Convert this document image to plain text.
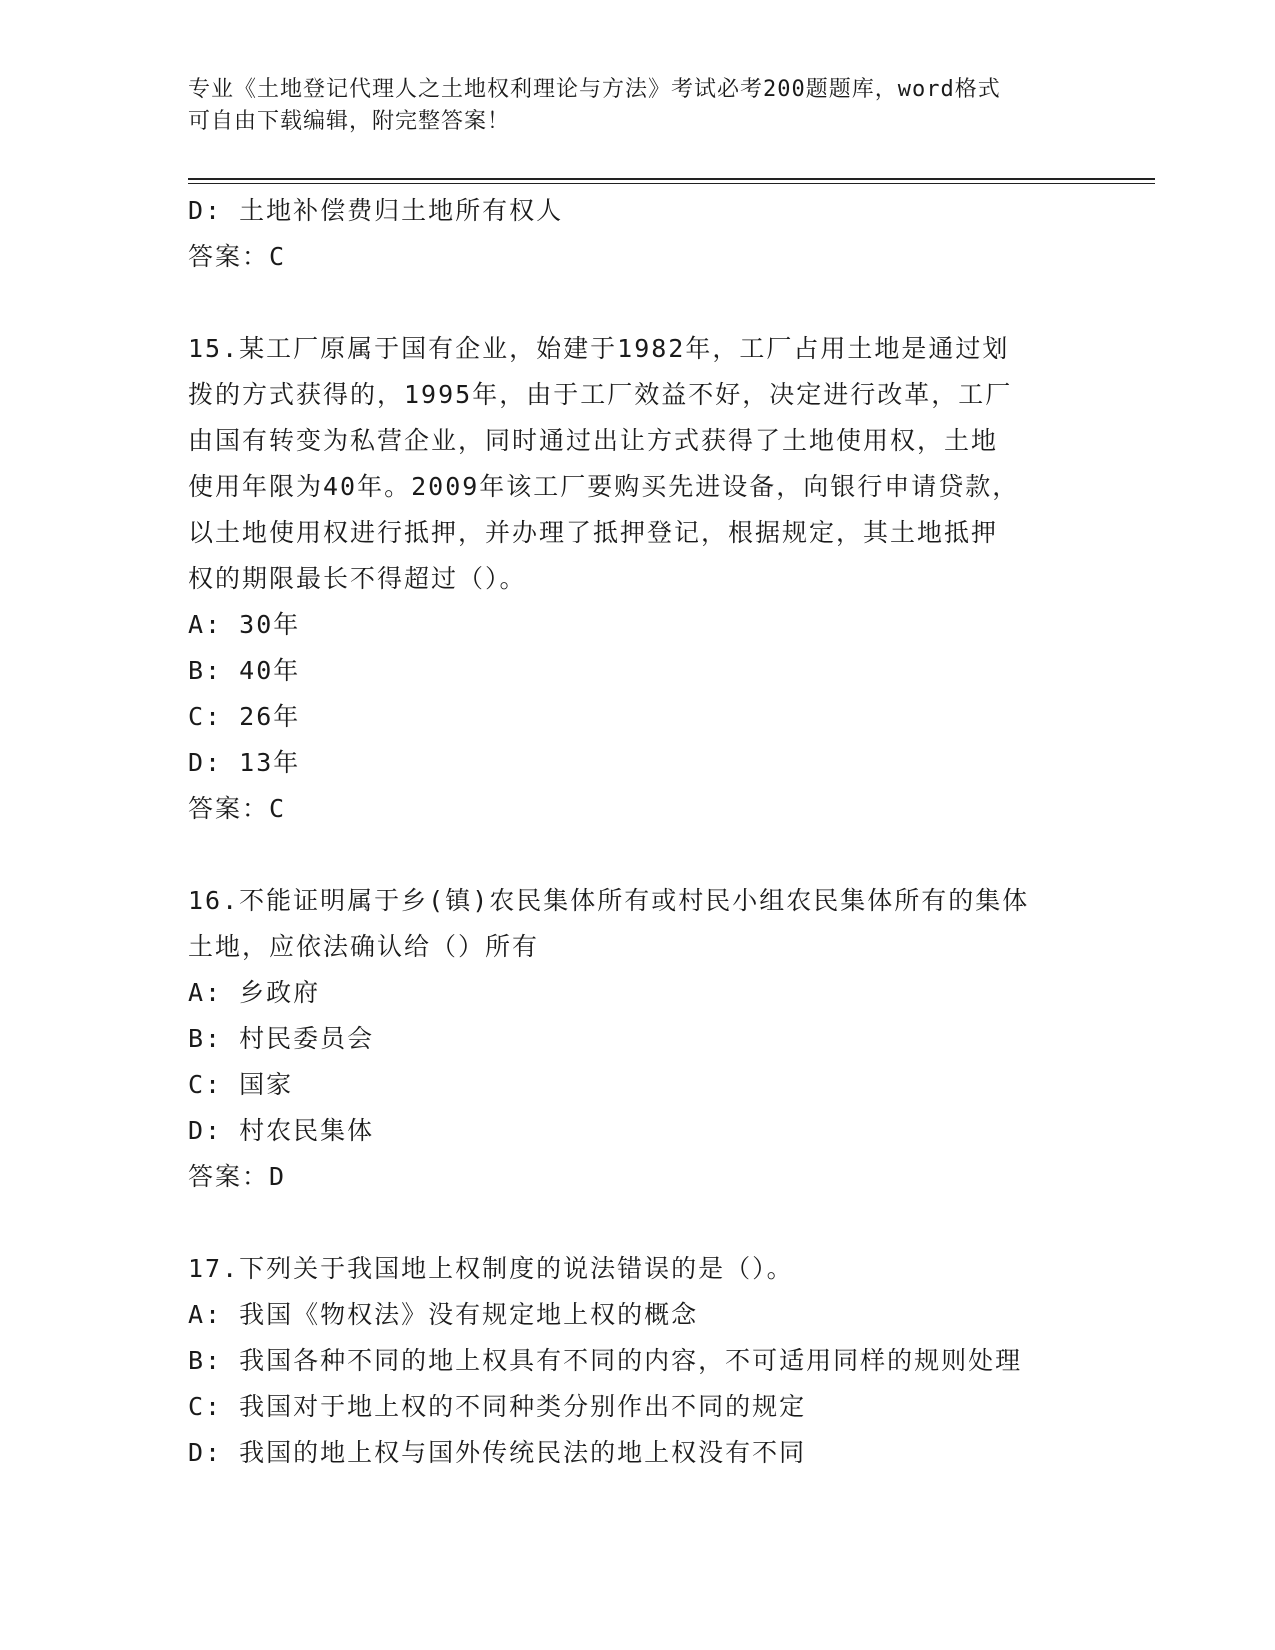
专业《土地登记代理人之土地权利理论与方法》考试必考200题题库，word格式

可自由下载编辑，附完整答案！

D: 土地补偿费归土地所有权人
答案：C
15.某工厂原属于国有企业，始建于1982年，工厂占用土地是通过划
拨的方式获得的，1995年，由于工厂效益不好，决定进行改革，工厂
由国有转变为私营企业，同时通过出让方式获得了土地使用权，土地
使用年限为40年。2009年该工厂要购买先进设备，向银行申请贷款，
以土地使用权进行抵押，并办理了抵押登记，根据规定，其土地抵押
权的期限最长不得超过（）。
A: 30年
B: 40年
C: 26年
D: 13年
答案：C
16.不能证明属于乡(镇)农民集体所有或村民小组农民集体所有的集体
土地，应依法确认给（）所有
A: 乡政府
B: 村民委员会
C: 国家
D: 村农民集体
答案：D
17.下列关于我国地上权制度的说法错误的是（）。
A: 我国《物权法》没有规定地上权的概念
B: 我国各种不同的地上权具有不同的内容，不可适用同样的规则处理
C: 我国对于地上权的不同种类分别作出不同的规定
D: 我国的地上权与国外传统民法的地上权没有不同
